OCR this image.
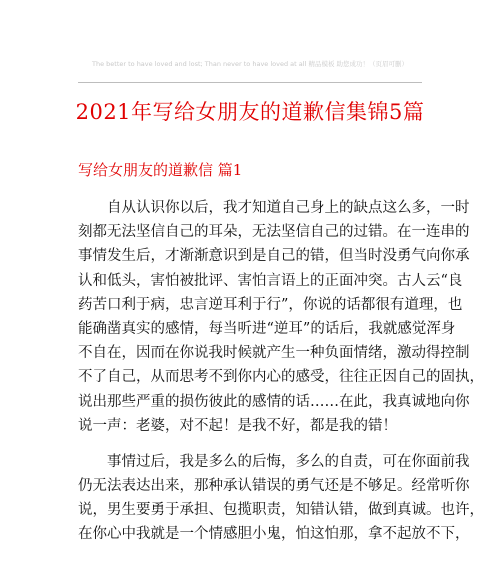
The better to have loved and lost; Than never to have loved at all 精品模板 助您成功！（页眉可删）
2021年写给女朋友的道歉信集锦5篇
写给女朋友的道歉信 篇1
自从认识你以后，我才知道自己身上的缺点这么多，一时
刻都无法坚信自己的耳朵，无法坚信自己的过错。在一连串的
事情发生后，才渐渐意识到是自己的错，但当时没勇气向你承
认和低头，害怕被批评、害怕言语上的正面冲突。古人云“良
药苦口利于病，忠言逆耳利于行”，你说的话都很有道理，也
能确凿真实的感情，每当听进“逆耳”的话后，我就感觉浑身
不自在，因而在你说我时候就产生一种负面情绪，激动得控制
不了自己，从而思考不到你内心的感受，往往正因自己的固执，
说出那些严重的损伤彼此的感情的话……在此，我真诚地向你
说一声：老婆，对不起！是我不好，都是我的错！
事情过后，我是多么的后悔，多么的自责，可在你面前我
仍无法表达出来，那种承认错误的勇气还是不够足。经常听你
说，男生要勇于承担、包揽职责，知错认错，做到真诚。也许，
在你心中我就是一个情感胆小鬼，怕这怕那，拿不起放不下，
